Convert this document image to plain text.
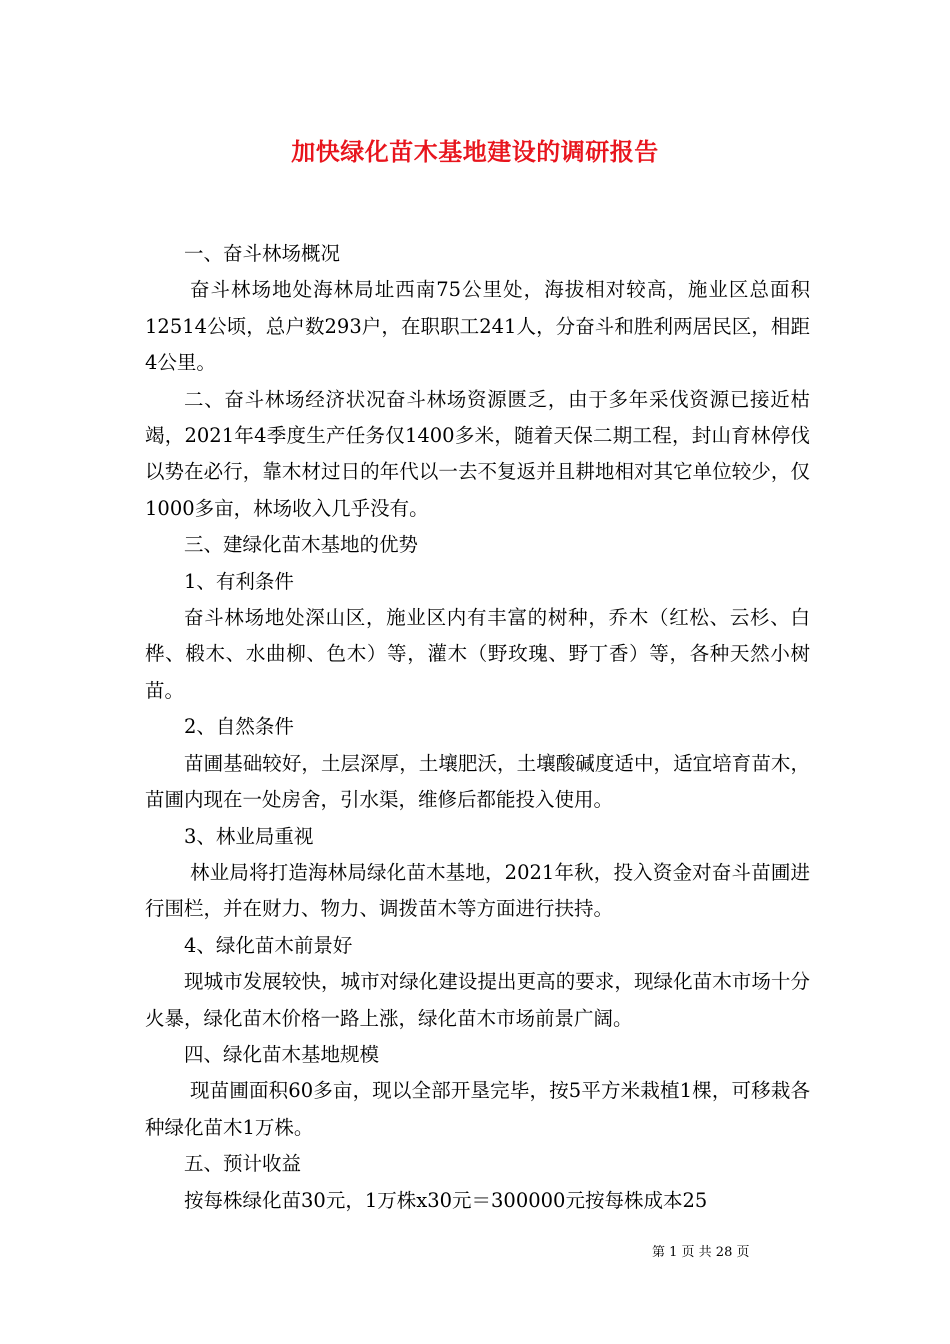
加快绿化苗木基地建设的调研报告

一、奋斗林场概况

奋斗林场地处海林局址西南75公里处，海拔相对较高，施业区总面积12514公顷，总户数293户，在职职工241人，分奋斗和胜利两居民区，相距4公里。

二、奋斗林场经济状况奋斗林场资源匮乏，由于多年采伐资源已接近枯竭，2021年4季度生产任务仅1400多米，随着天保二期工程，封山育林停伐以势在必行，靠木材过日的年代以一去不复返并且耕地相对其它单位较少，仅1000多亩，林场收入几乎没有。

三、建绿化苗木基地的优势

1、有利条件

奋斗林场地处深山区，施业区内有丰富的树种，乔木（红松、云杉、白桦、椴木、水曲柳、色木）等，灌木（野玫瑰、野丁香）等，各种天然小树苗。

2、自然条件

苗圃基础较好，土层深厚，土壤肥沃，土壤酸碱度适中，适宜培育苗木，苗圃内现在一处房舍，引水渠，维修后都能投入使用。

3、林业局重视

林业局将打造海林局绿化苗木基地，2021年秋，投入资金对奋斗苗圃进行围栏，并在财力、物力、调拨苗木等方面进行扶持。

4、绿化苗木前景好

现城市发展较快，城市对绿化建设提出更高的要求，现绿化苗木市场十分火暴，绿化苗木价格一路上涨，绿化苗木市场前景广阔。

四、绿化苗木基地规模

现苗圃面积60多亩，现以全部开垦完毕，按5平方米栽植1棵，可移栽各种绿化苗木1万株。

五、预计收益

按每株绿化苗30元，1万株x30元＝300000元按每株成本25

第 1 页 共 28 页
